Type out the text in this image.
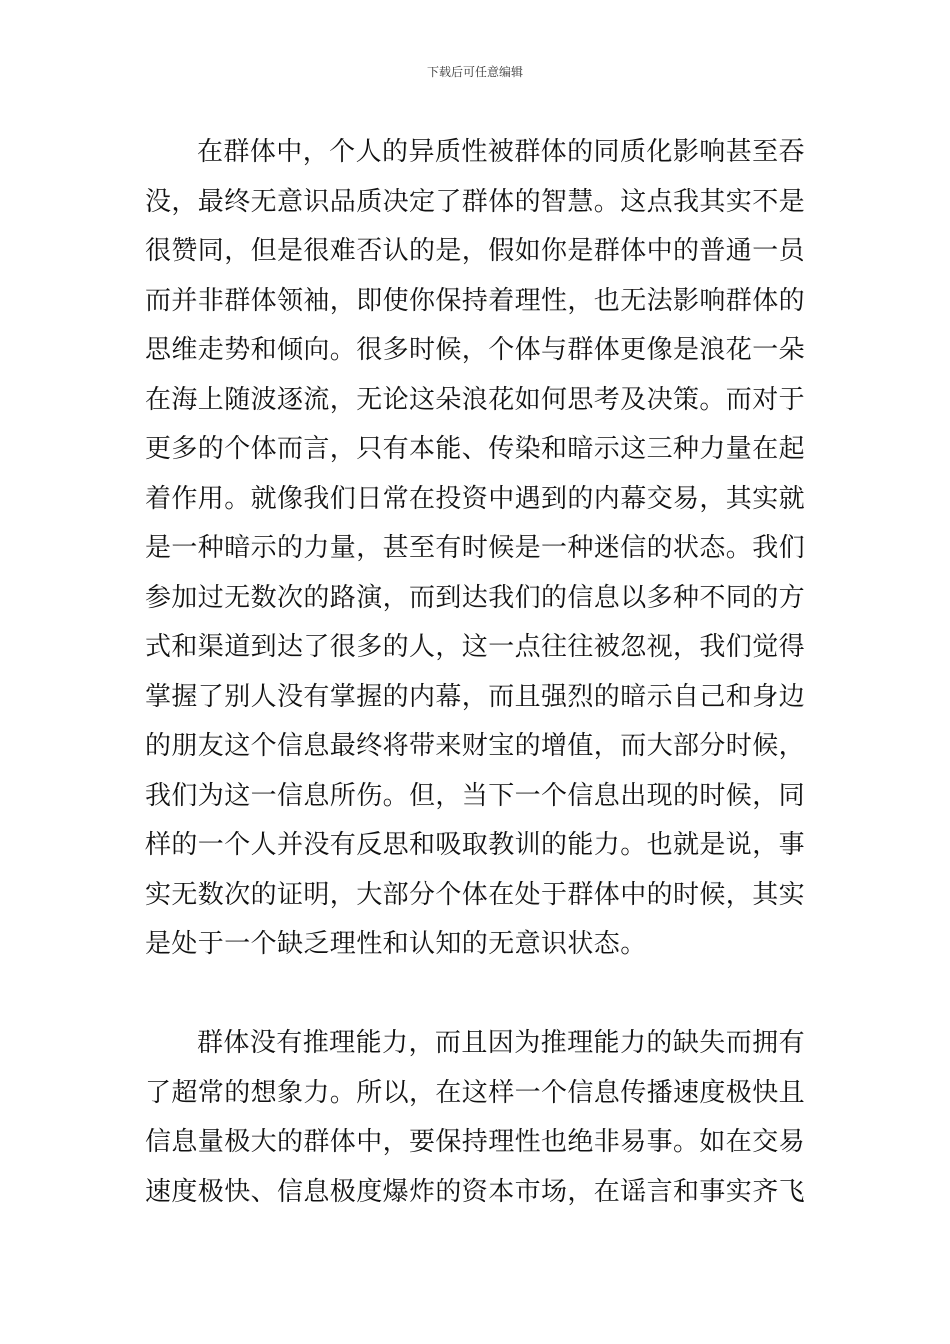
下载后可任意编辑

在群体中，个人的异质性被群体的同质化影响甚至吞没，最终无意识品质决定了群体的智慧。这点我其实不是很赞同，但是很难否认的是，假如你是群体中的普通一员而并非群体领袖，即使你保持着理性，也无法影响群体的思维走势和倾向。很多时候，个体与群体更像是浪花一朵在海上随波逐流，无论这朵浪花如何思考及决策。而对于更多的个体而言，只有本能、传染和暗示这三种力量在起着作用。就像我们日常在投资中遇到的内幕交易，其实就是一种暗示的力量，甚至有时候是一种迷信的状态。我们参加过无数次的路演，而到达我们的信息以多种不同的方式和渠道到达了很多的人，这一点往往被忽视，我们觉得掌握了别人没有掌握的内幕，而且强烈的暗示自己和身边的朋友这个信息最终将带来财宝的增值，而大部分时候，我们为这一信息所伤。但，当下一个信息出现的时候，同样的一个人并没有反思和吸取教训的能力。也就是说，事实无数次的证明，大部分个体在处于群体中的时候，其实是处于一个缺乏理性和认知的无意识状态。

群体没有推理能力，而且因为推理能力的缺失而拥有了超常的想象力。所以，在这样一个信息传播速度极快且信息量极大的群体中，要保持理性也绝非易事。如在交易速度极快、信息极度爆炸的资本市场，在谣言和事实齐飞
